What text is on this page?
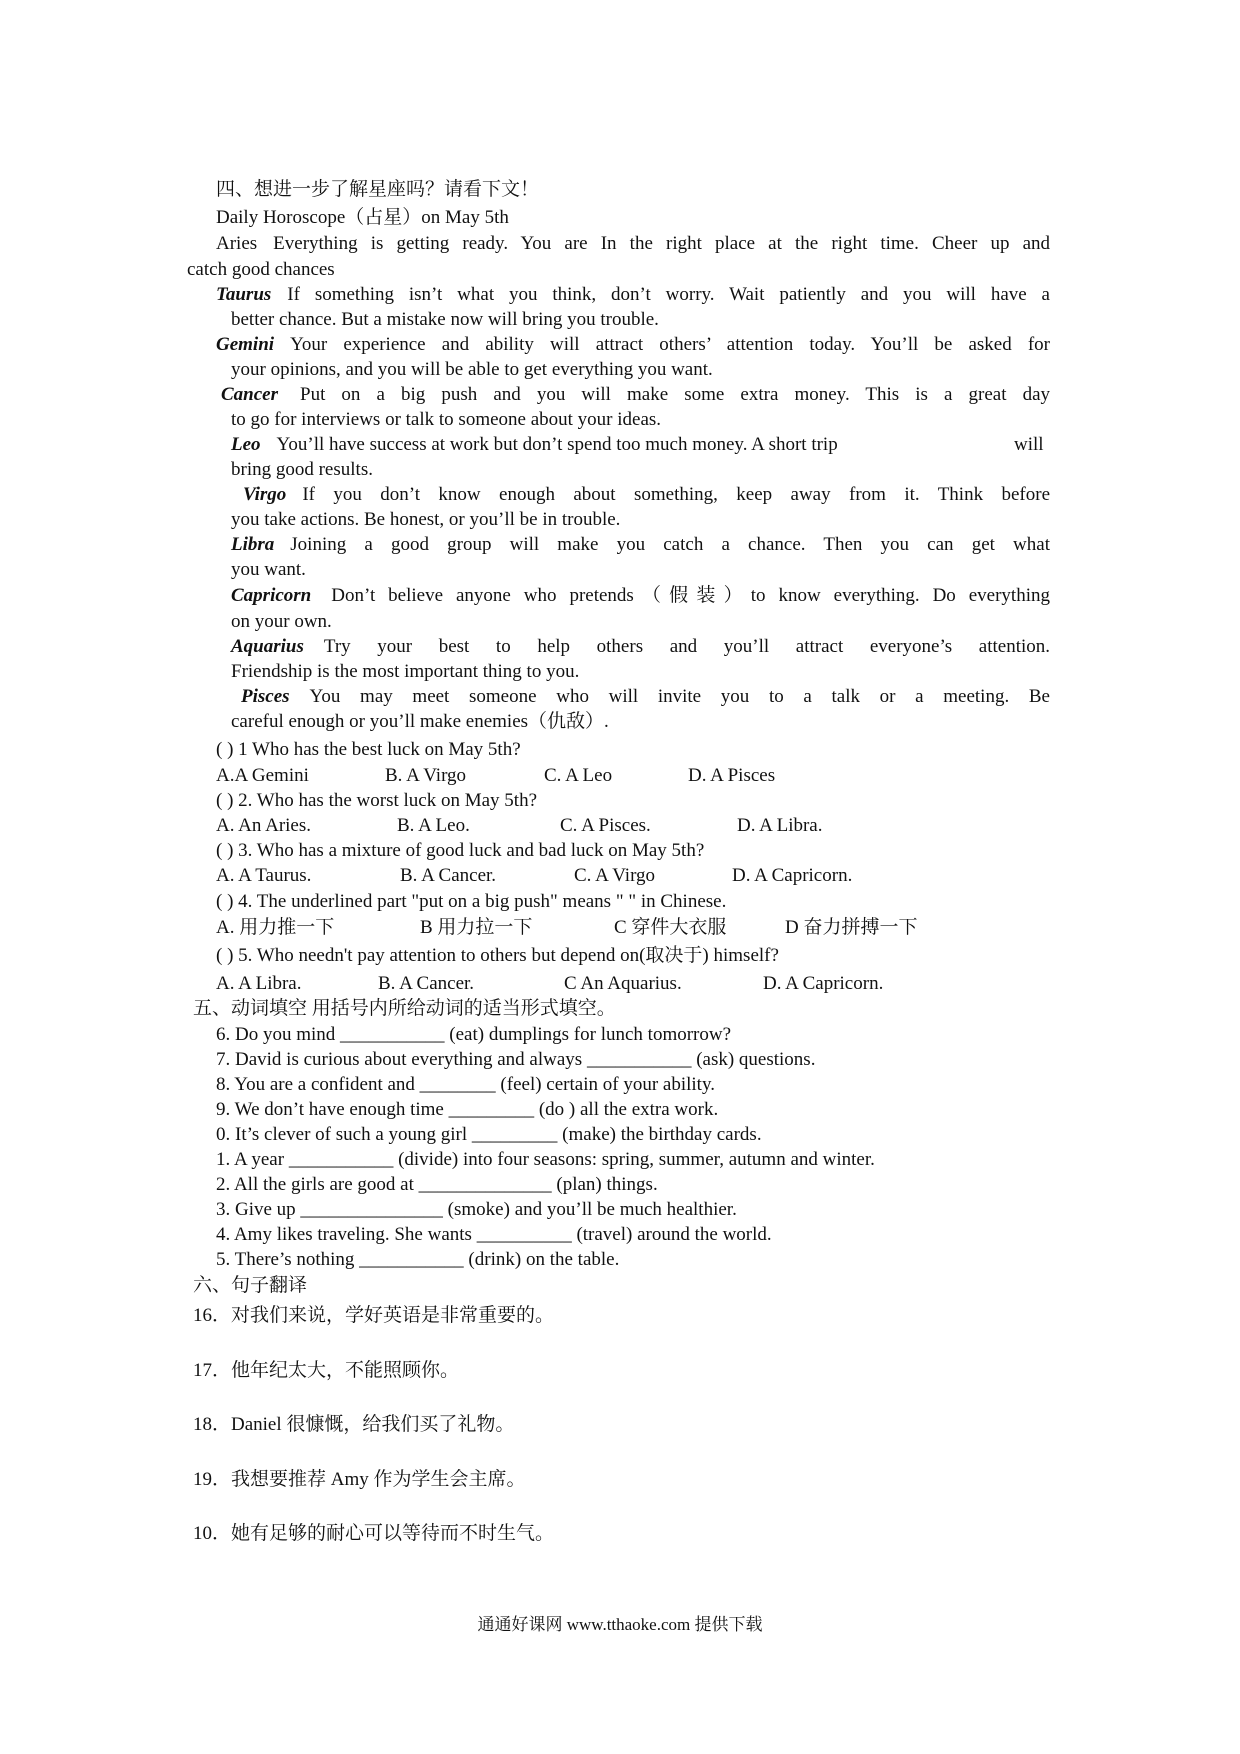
四、想进一步了解星座吗？请看下文！
Daily Horoscope（占星）on May 5th
Aries Everything is getting ready. You are In the right place at the right time. Cheer up and
catch good chances
Taurus If something isn’t what you think, don’t worry. Wait patiently and you will have a
better chance. But a mistake now will bring you trouble.
Gemini Your experience and ability will attract others’ attention today. You’ll be asked for
your opinions, and you will be able to get everything you want.
Cancer Put on a big push and you will make some extra money. This is a great day
to go for interviews or talk to someone about your ideas.
Leo You’ll have success at work but don’t spend too much money. A short trip	will
bring good results.
Virgo If you don’t know enough about something, keep away from it. Think before
you take actions. Be honest, or you’ll be in trouble.
Libra Joining a good group will make you catch a chance. Then you can get what
you want.
Capricorn Don’t believe anyone who pretends（假装）to know everything. Do everything
on your own.
Aquarius Try your best to help others and you’ll attract everyone’s attention.
Friendship is the most important thing to you.
Pisces You may meet someone who will invite you to a talk or a meeting. Be
careful enough or you’ll make enemies（仇敌）.
( ) 1 Who has the best luck on May 5th?
A.A Gemini	B. A Virgo	C. A Leo	D. A Pisces
( ) 2. Who has the worst luck on May 5th?
A. An Aries.	B. A Leo.	C. A Pisces.	D. A Libra.
( ) 3. Who has a mixture of good luck and bad luck on May 5th?
A. A Taurus.	B. A Cancer.	C. A Virgo	D. A Capricorn.
( ) 4. The underlined part "put on a big push" means " " in Chinese.
A. 用力推一下	B 用力拉一下	C 穿件大衣服	D 奋力拼搏一下
( ) 5. Who needn't pay attention to others but depend on(取决于) himself?
A. A Libra.	B. A Cancer.	C An Aquarius.	D. A Capricorn.
五、动词填空 用括号内所给动词的适当形式填空。
6. Do you mind ___________ (eat) dumplings for lunch tomorrow?
7. David is curious about everything and always ___________ (ask) questions.
8. You are a confident and ________ (feel) certain of your ability.
9. We don’t have enough time _________ (do ) all the extra work.
0. It’s clever of such a young girl _________ (make) the birthday cards.
1. A year ___________ (divide) into four seasons: spring, summer, autumn and winter.
2. All the girls are good at ______________ (plan) things.
3. Give up _______________ (smoke) and you’ll be much healthier.
4. Amy likes traveling. She wants __________ (travel) around the world.
5. There’s nothing ___________ (drink) on the table.
六、句子翻译
16．对我们来说，学好英语是非常重要的。
17．他年纪太大，不能照顾你。
18．Daniel 很慷慨，给我们买了礼物。
19．我想要推荐 Amy 作为学生会主席。
10．她有足够的耐心可以等待而不时生气。
通通好课网 www.tthaoke.com 提供下载
